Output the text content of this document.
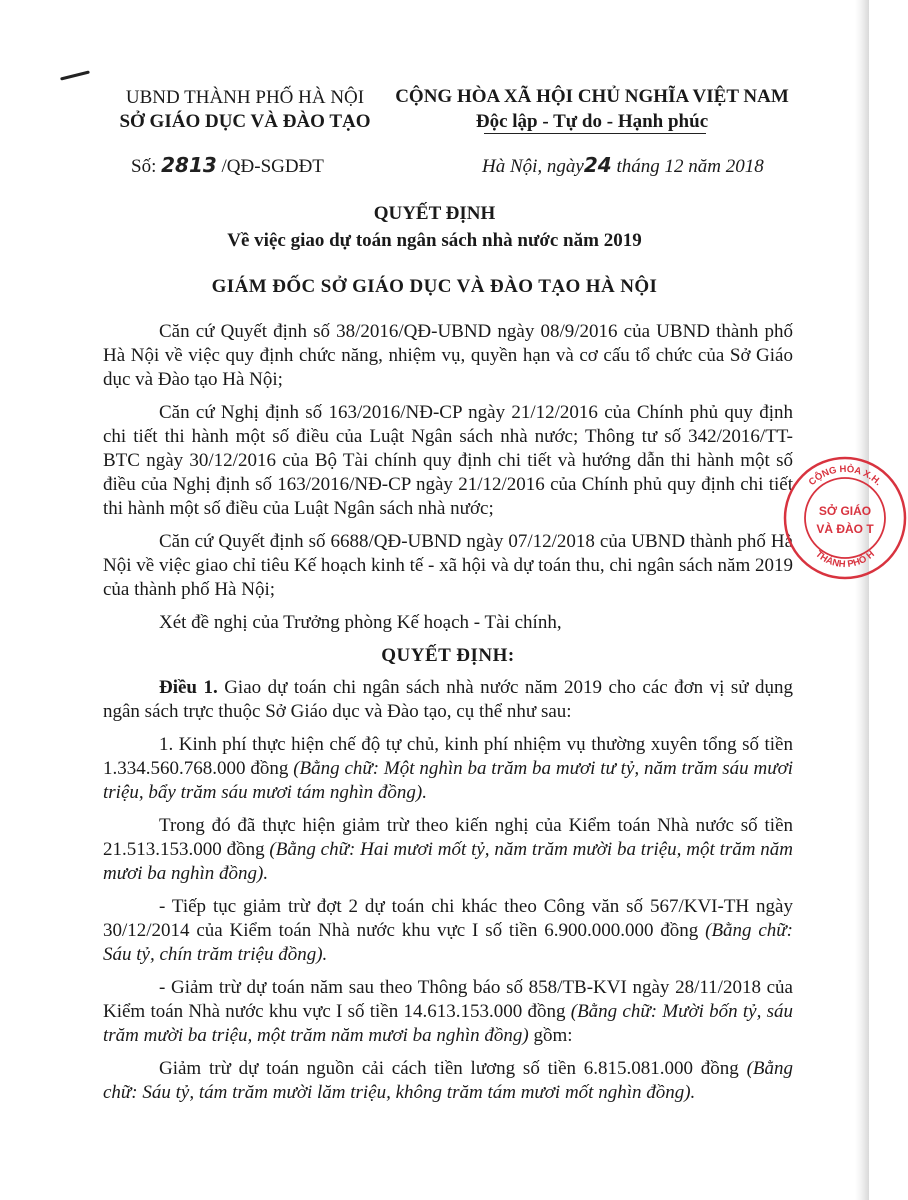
UBND THÀNH PHỐ HÀ NỘI
SỞ GIÁO DỤC VÀ ĐÀO TẠO
CỘNG HÒA XÃ HỘI CHỦ NGHĨA VIỆT NAM
Độc lập - Tự do - Hạnh phúc
Số: 2813 /QĐ-SGDĐT	Hà Nội, ngày24 tháng 12 năm 2018
QUYẾT ĐỊNH
Về việc giao dự toán ngân sách nhà nước năm 2019
GIÁM ĐỐC SỞ GIÁO DỤC VÀ ĐÀO TẠO HÀ NỘI

Căn cứ Quyết định số 38/2016/QĐ-UBND ngày 08/9/2016 của UBND thành phố Hà Nội về việc quy định chức năng, nhiệm vụ, quyền hạn và cơ cấu tổ chức của Sở Giáo dục và Đào tạo Hà Nội;

Căn cứ Nghị định số 163/2016/NĐ-CP ngày 21/12/2016 của Chính phủ quy định chi tiết thi hành một số điều của Luật Ngân sách nhà nước; Thông tư số 342/2016/TT-BTC ngày 30/12/2016 của Bộ Tài chính quy định chi tiết và hướng dẫn thi hành một số điều của Nghị định số 163/2016/NĐ-CP ngày 21/12/2016 của Chính phủ quy định chi tiết thi hành một số điều của Luật Ngân sách nhà nước;

Căn cứ Quyết định số 6688/QĐ-UBND ngày 07/12/2018 của UBND thành phố Hà Nội về việc giao chỉ tiêu Kế hoạch kinh tế - xã hội và dự toán thu, chi ngân sách năm 2019 của thành phố Hà Nội;

Xét đề nghị của Trưởng phòng Kế hoạch - Tài chính,

QUYẾT ĐỊNH:

Điều 1. Giao dự toán chi ngân sách nhà nước năm 2019 cho các đơn vị sử dụng ngân sách trực thuộc Sở Giáo dục và Đào tạo, cụ thể như sau:

1. Kinh phí thực hiện chế độ tự chủ, kinh phí nhiệm vụ thường xuyên tổng số tiền 1.334.560.768.000 đồng (Bằng chữ: Một nghìn ba trăm ba mươi tư tỷ, năm trăm sáu mươi triệu, bẩy trăm sáu mươi tám nghìn đồng).

Trong đó đã thực hiện giảm trừ theo kiến nghị của Kiểm toán Nhà nước số tiền 21.513.153.000 đồng (Bằng chữ: Hai mươi mốt tỷ, năm trăm mười ba triệu, một trăm năm mươi ba nghìn đồng).

- Tiếp tục giảm trừ đợt 2 dự toán chi khác theo Công văn số 567/KVI-TH ngày 30/12/2014 của Kiểm toán Nhà nước khu vực I số tiền 6.900.000.000 đồng (Bằng chữ: Sáu tỷ, chín trăm triệu đồng).

- Giảm trừ dự toán năm sau theo Thông báo số 858/TB-KVI ngày 28/11/2018 của Kiểm toán Nhà nước khu vực I số tiền 14.613.153.000 đồng (Bằng chữ: Mười bốn tỷ, sáu trăm mười ba triệu, một trăm năm mươi ba nghìn đồng) gồm:

Giảm trừ dự toán nguồn cải cách tiền lương số tiền 6.815.081.000 đồng (Bằng chữ: Sáu tỷ, tám trăm mười lăm triệu, không trăm tám mươi mốt nghìn đồng).

CỘNG HÒA X.H.
SỞ GIÁO
VÀ ĐÀO T
THÀNH PHỐ H
